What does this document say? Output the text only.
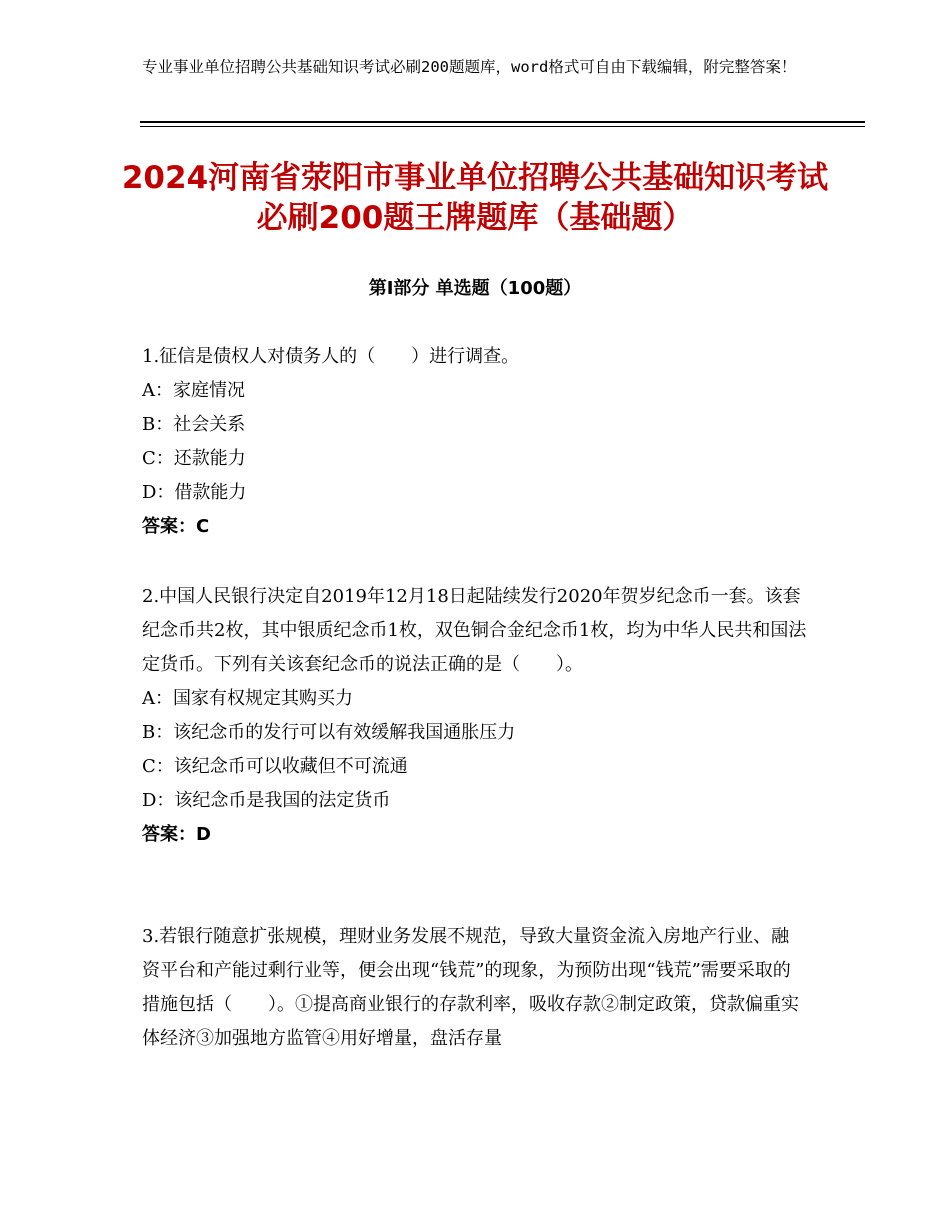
专业事业单位招聘公共基础知识考试必刷200题题库，word格式可自由下载编辑，附完整答案！
2024河南省荥阳市事业单位招聘公共基础知识考试必刷200题王牌题库（基础题）
第Ⅰ部分 单选题（100题）

1.征信是债权人对债务人的（　　）进行调查。

A：家庭情况

B：社会关系

C：还款能力

D：借款能力

答案：C

2.中国人民银行决定自2019年12月18日起陆续发行2020年贺岁纪念币一套。该套纪念币共2枚，其中银质纪念币1枚，双色铜合金纪念币1枚，均为中华人民共和国法定货币。下列有关该套纪念币的说法正确的是（　　）。

A：国家有权规定其购买力

B：该纪念币的发行可以有效缓解我国通胀压力

C：该纪念币可以收藏但不可流通

D：该纪念币是我国的法定货币

答案：D

3.若银行随意扩张规模，理财业务发展不规范，导致大量资金流入房地产行业、融资平台和产能过剩行业等，便会出现“钱荒”的现象，为预防出现“钱荒”需要采取的措施包括（　　）。①提高商业银行的存款利率，吸收存款②制定政策，贷款偏重实体经济③加强地方监管④用好增量，盘活存量
